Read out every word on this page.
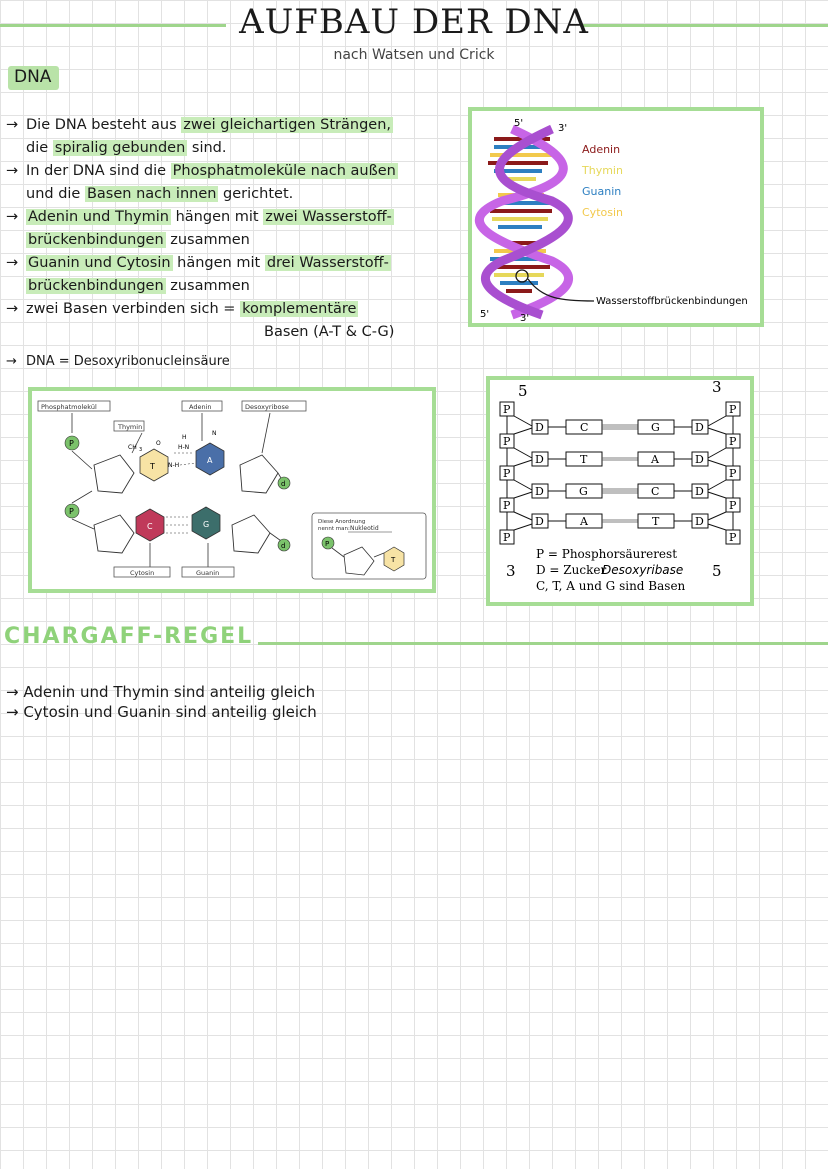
AUFBAU DER DNA
nach Watsen und Crick
DNA
→ Die DNA besteht aus zwei gleichartigen Strängen,
die spiralig gebunden sind.
→ In der DNA sind die Phosphatmoleküle nach außen
und die Basen nach innen gerichtet.
→ Adenin und Thymin hängen mit zwei Wasserstoff-
brückenbindungen zusammen
→ Guanin und Cytosin hängen mit drei Wasserstoff-
brückenbindungen zusammen
→ zwei Basen verbinden sich = komplementäre
Basen (A-T & C-G)
→ DNA = Desoxyribonucleinsäure
5'	3'
5'	3'
Adenin
Thymin
Guanin
Cytosin
Wasserstoffbrückenbindungen
Phosphatmolekül
Thymin
Adenin	Desoxyribose
P
P
T
A
C	G
d
d
CH 3
O
H
N
N-H
H-N
Cytosin	Guanin
Diese Anordnung
nennt man: Nukleotid
P
T
5	3
P
P
P
P
P
P
P
P
P
P
D	C	G	D
D	T	A	D
D	G	C	D
D	A	T	D
3	5
P = Phosphorsäurerest
D = Zucker
Desoxyribase
C, T, A und G sind Basen
CHARGAFF-REGEL
→ Adenin und Thymin sind anteilig gleich
→ Cytosin und Guanin sind anteilig gleich
